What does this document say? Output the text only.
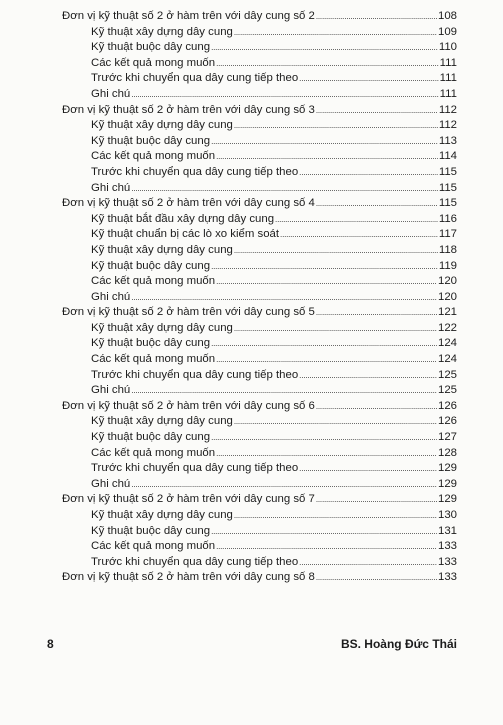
Đơn vị kỹ thuật số 2 ở hàm trên với dây cung số 2 .....	108
Kỹ thuật xây dựng dây cung .....	109
Kỹ thuật buộc dây cung .....	110
Các kết quả mong muốn .....	111
Trước khi chuyển qua dây cung tiếp theo .....	111
Ghi chú .....	111
Đơn vị kỹ thuật số 2 ở hàm trên với dây cung số 3 .....	112
Kỹ thuật xây dựng dây cung .....	112
Kỹ thuật buộc dây cung .....	113
Các kết quả mong muốn .....	114
Trước khi chuyển qua dây cung tiếp theo .....	115
Ghi chú .....	115
Đơn vị kỹ thuật số 2 ở hàm trên với dây cung số 4 .....	115
Kỹ thuật bắt đầu xây dựng dây cung .....	116
Kỹ thuật chuẩn bị các lò xo kiểm soát .....	117
Kỹ thuật xây dựng dây cung .....	118
Kỹ thuật buộc dây cung .....	119
Các kết quả mong muốn .....	120
Ghi chú .....	120
Đơn vị kỹ thuật số 2 ở hàm trên với dây cung số 5 .....	121
Kỹ thuật xây dựng dây cung .....	122
Kỹ thuật buộc dây cung .....	124
Các kết quả mong muốn .....	124
Trước khi chuyển qua dây cung tiếp theo .....	125
Ghi chú .....	125
Đơn vị kỹ thuật số 2 ở hàm trên với dây cung số 6 .....	126
Kỹ thuật xây dựng dây cung .....	126
Kỹ thuật buộc dây cung .....	127
Các kết quả mong muốn .....	128
Trước khi chuyển qua dây cung tiếp theo .....	129
Ghi chú .....	129
Đơn vị kỹ thuật số 2 ở hàm trên với dây cung số 7 .....	129
Kỹ thuật xây dựng dây cung .....	130
Kỹ thuật buộc dây cung .....	131
Các kết quả mong muốn .....	133
Trước khi chuyển qua dây cung tiếp theo .....	133
Đơn vị kỹ thuật số 2 ở hàm trên với dây cung số 8 .....	133
8	BS. Hoàng Đức Thái
